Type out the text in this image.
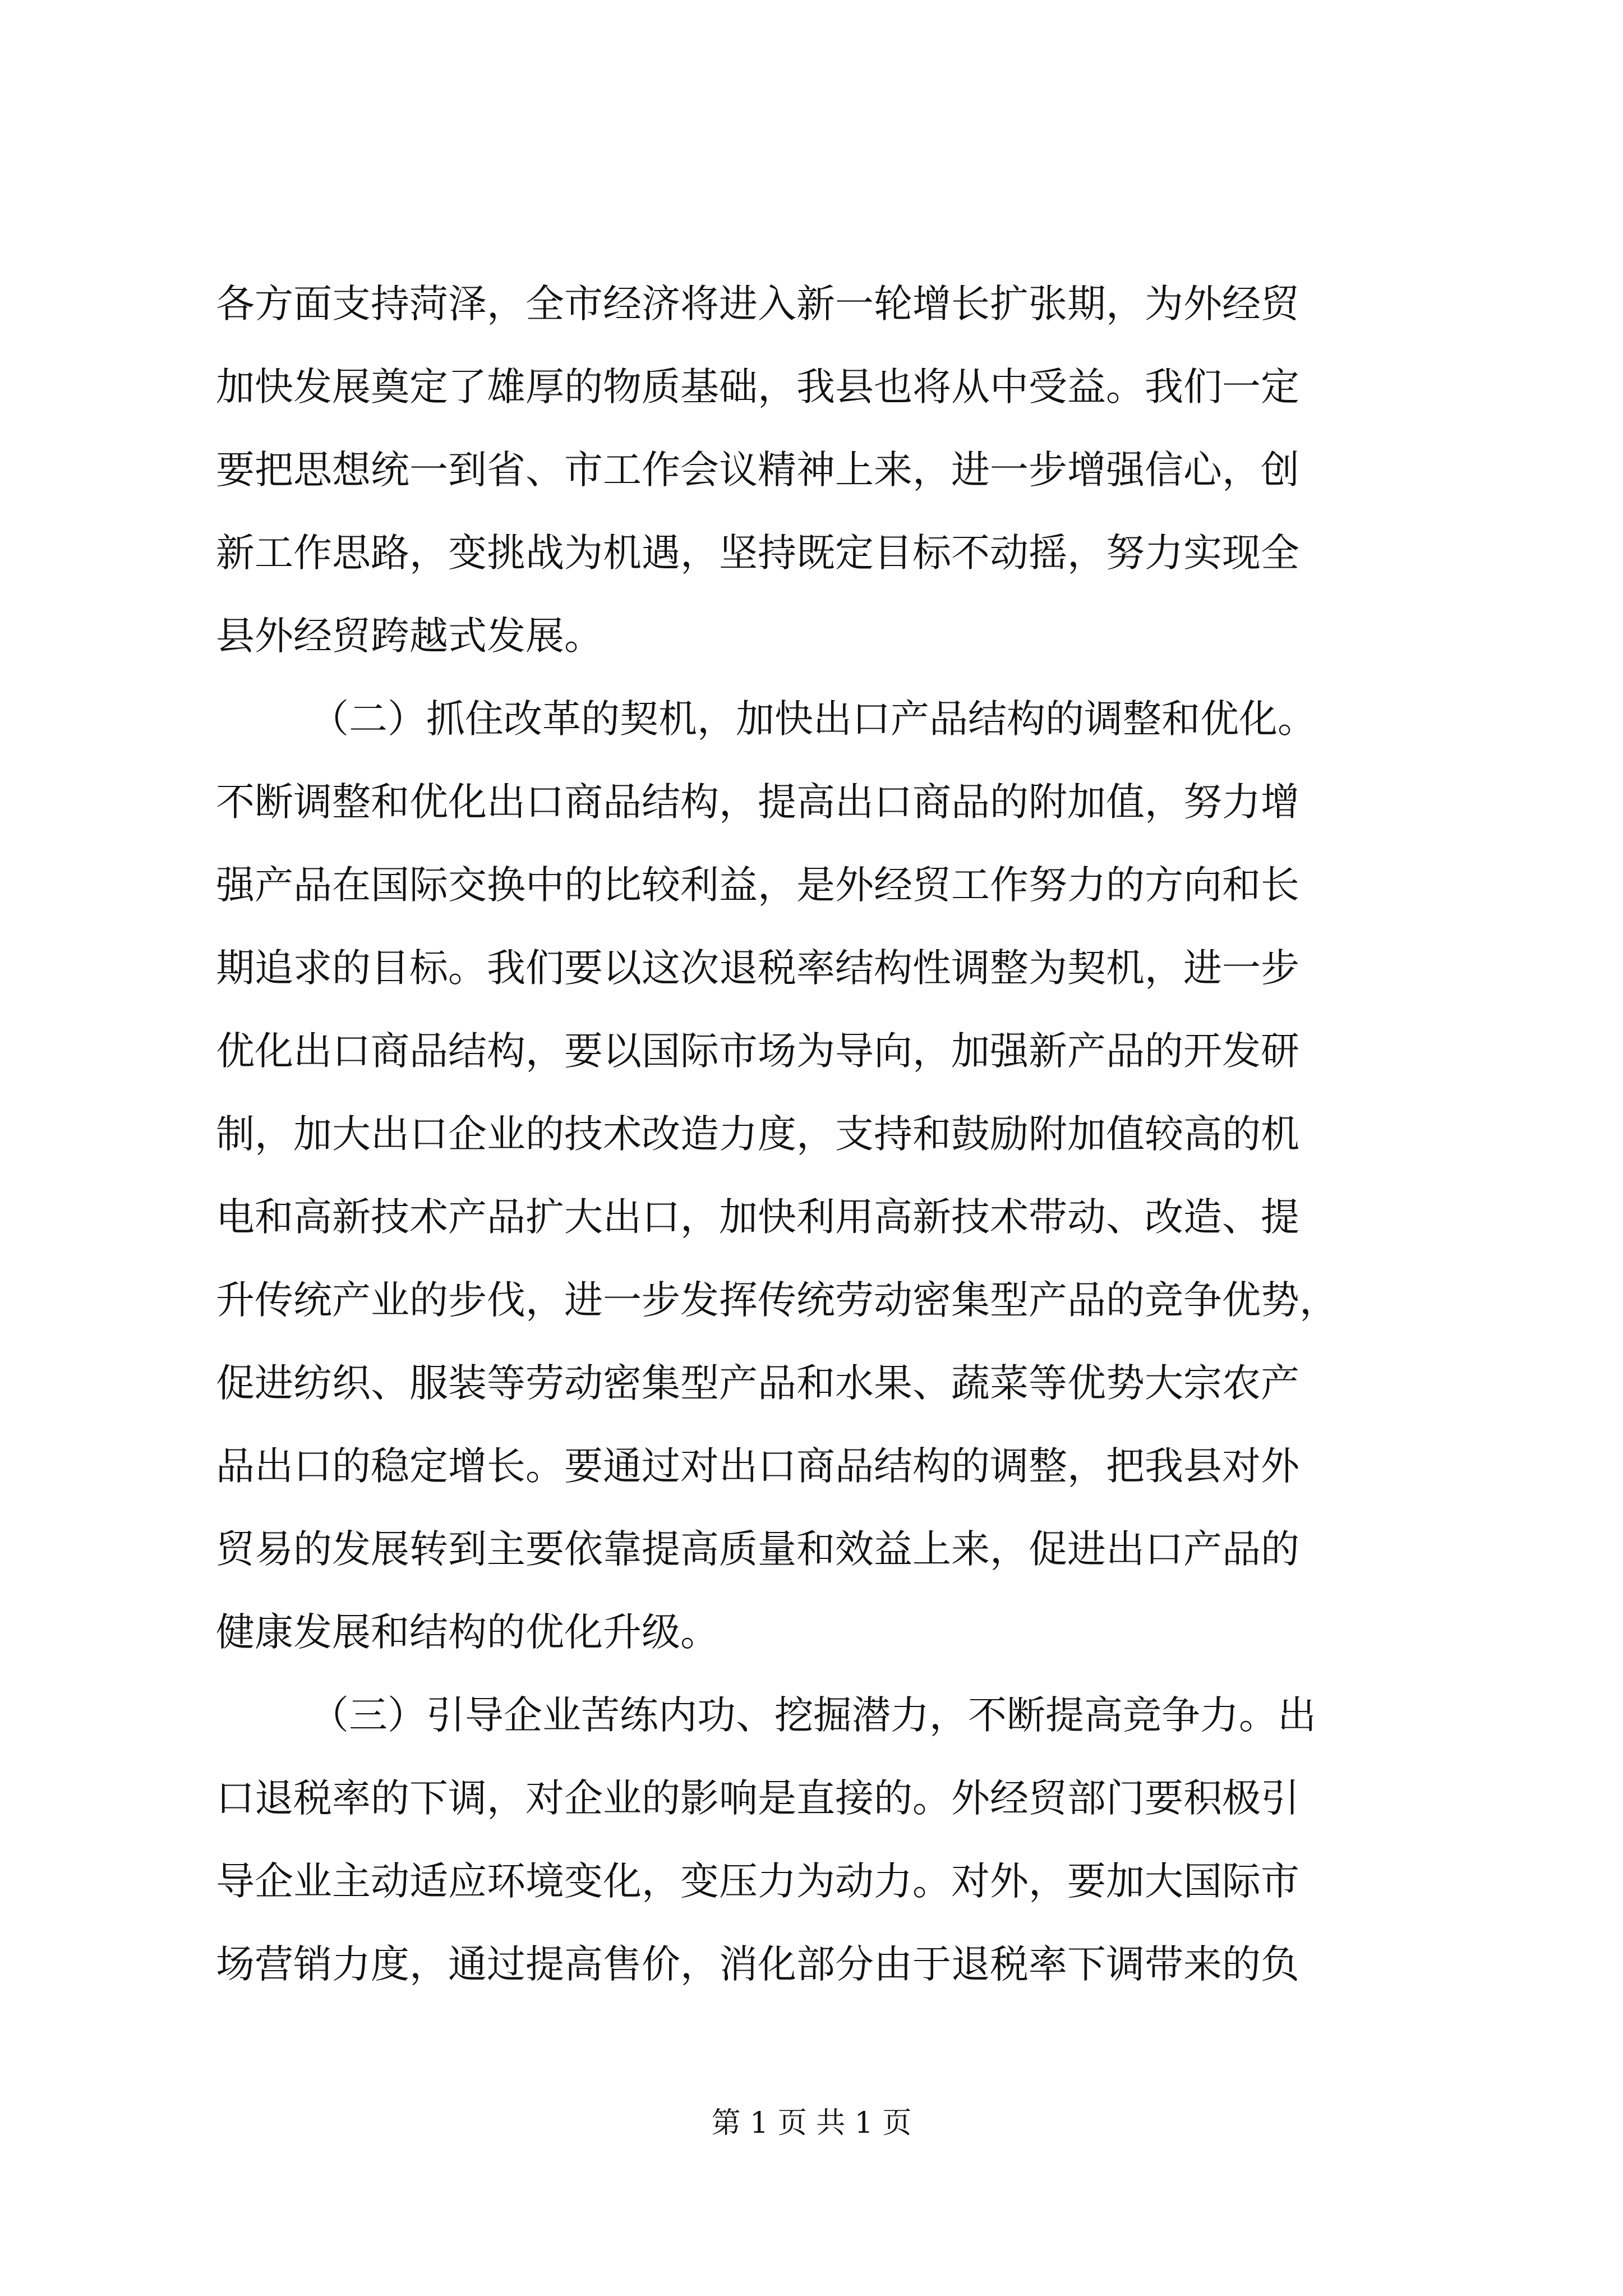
各方面支持菏泽，全市经济将进入新一轮增长扩张期，为外经贸
加快发展奠定了雄厚的物质基础，我县也将从中受益。我们一定
要把思想统一到省、市工作会议精神上来，进一步增强信心，创
新工作思路，变挑战为机遇，坚持既定目标不动摇，努力实现全
县外经贸跨越式发展。
（二）抓住改革的契机，加快出口产品结构的调整和优化。
不断调整和优化出口商品结构，提高出口商品的附加值，努力增
强产品在国际交换中的比较利益，是外经贸工作努力的方向和长
期追求的目标。我们要以这次退税率结构性调整为契机，进一步
优化出口商品结构，要以国际市场为导向，加强新产品的开发研
制，加大出口企业的技术改造力度，支持和鼓励附加值较高的机
电和高新技术产品扩大出口，加快利用高新技术带动、改造、提
升传统产业的步伐，进一步发挥传统劳动密集型产品的竞争优势，
促进纺织、服装等劳动密集型产品和水果、蔬菜等优势大宗农产
品出口的稳定增长。要通过对出口商品结构的调整，把我县对外
贸易的发展转到主要依靠提高质量和效益上来，促进出口产品的
健康发展和结构的优化升级。
（三）引导企业苦练内功、挖掘潜力，不断提高竞争力。出
口退税率的下调，对企业的影响是直接的。外经贸部门要积极引
导企业主动适应环境变化，变压力为动力。对外，要加大国际市
场营销力度，通过提高售价，消化部分由于退税率下调带来的负
第 1 页 共 1 页
